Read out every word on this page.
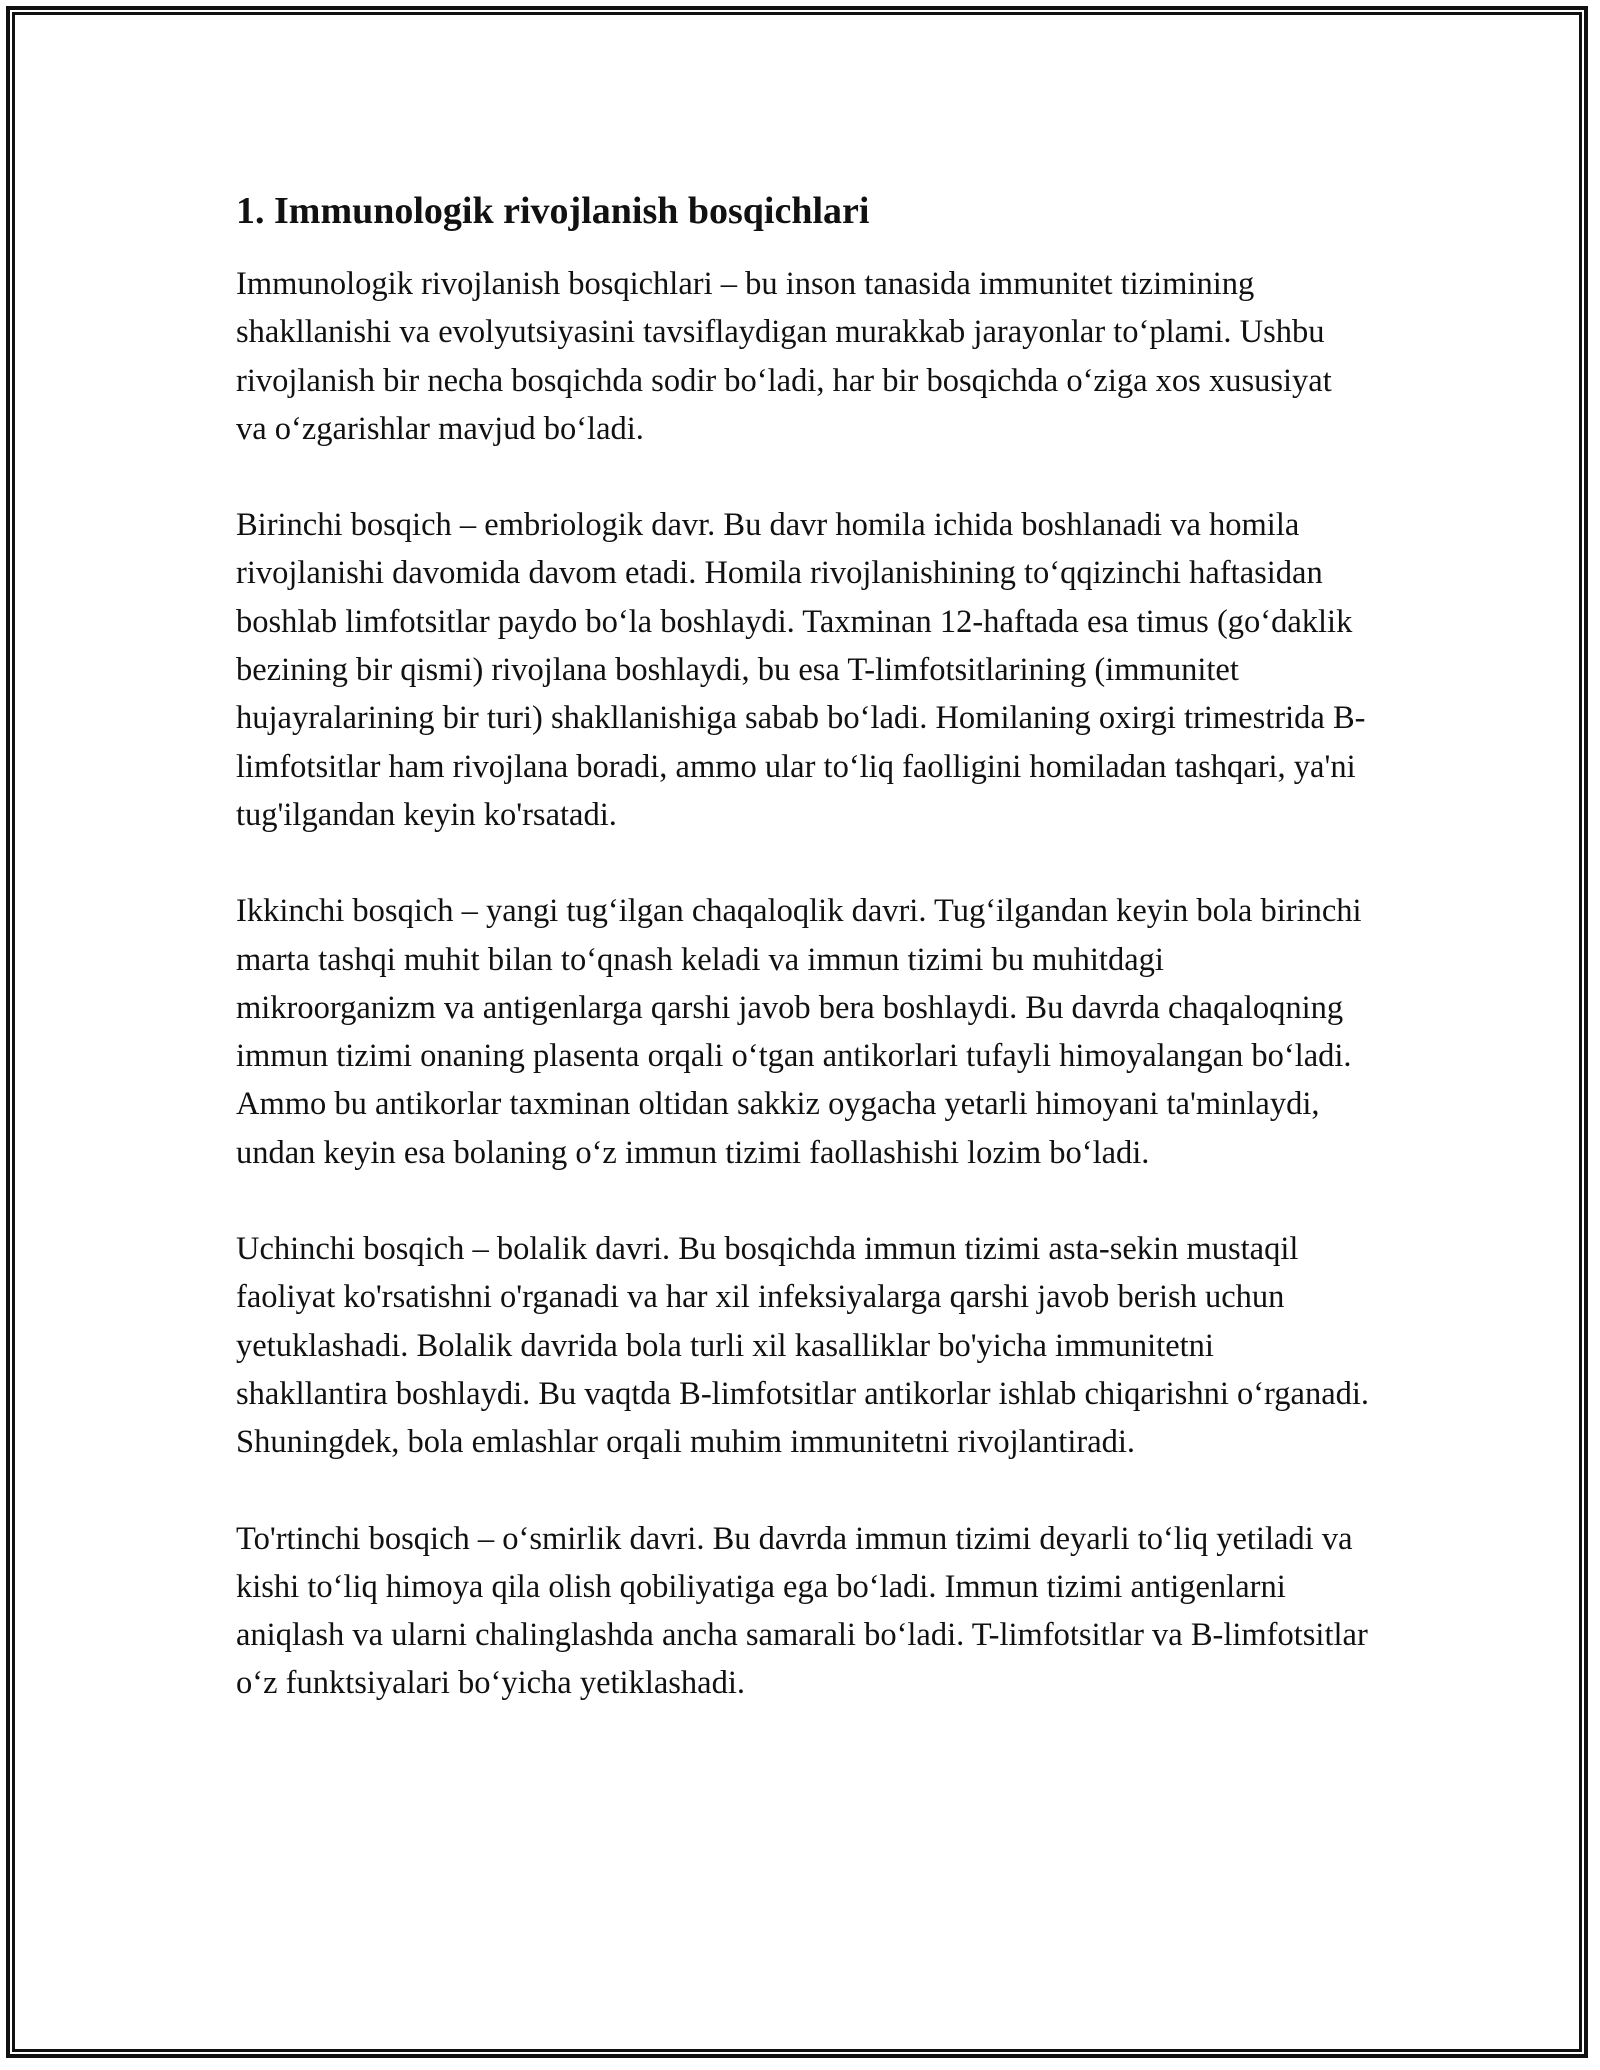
1. Immunologik rivojlanish bosqichlari

Immunologik rivojlanish bosqichlari – bu inson tanasida immunitet tizimining shakllanishi va evolyutsiyasini tavsiflaydigan murakkab jarayonlar to‘plami. Ushbu rivojlanish bir necha bosqichda sodir bo‘ladi, har bir bosqichda o‘ziga xos xususiyat va o‘zgarishlar mavjud bo‘ladi.

Birinchi bosqich – embriologik davr. Bu davr homila ichida boshlanadi va homila rivojlanishi davomida davom etadi. Homila rivojlanishining to‘qqizinchi haftasidan boshlab limfotsitlar paydo bo‘la boshlaydi. Taxminan 12-haftada esa timus (go‘daklik bezining bir qismi) rivojlana boshlaydi, bu esa T-limfotsitlarining (immunitet hujayralarining bir turi) shakllanishiga sabab bo‘ladi. Homilaning oxirgi trimestrida B-limfotsitlar ham rivojlana boradi, ammo ular to‘liq faolligini homiladan tashqari, ya'ni tug'ilgandan keyin ko'rsatadi.

Ikkinchi bosqich – yangi tug‘ilgan chaqaloqlik davri. Tug‘ilgandan keyin bola birinchi marta tashqi muhit bilan to‘qnash keladi va immun tizimi bu muhitdagi mikroorganizm va antigenlarga qarshi javob bera boshlaydi. Bu davrda chaqaloqning immun tizimi onaning plasenta orqali o‘tgan antikorlari tufayli himoyalangan bo‘ladi. Ammo bu antikorlar taxminan oltidan sakkiz oygacha yetarli himoyani ta'minlaydi, undan keyin esa bolaning o‘z immun tizimi faollashishi lozim bo‘ladi.

Uchinchi bosqich – bolalik davri. Bu bosqichda immun tizimi asta-sekin mustaqil faoliyat ko'rsatishni o'rganadi va har xil infeksiyalarga qarshi javob berish uchun yetuklashadi. Bolalik davrida bola turli xil kasalliklar bo'yicha immunitetni shakllantira boshlaydi. Bu vaqtda B-limfotsitlar antikorlar ishlab chiqarishni o‘rganadi. Shuningdek, bola emlashlar orqali muhim immunitetni rivojlantiradi.

To'rtinchi bosqich – o‘smirlik davri. Bu davrda immun tizimi deyarli to‘liq yetiladi va kishi to‘liq himoya qila olish qobiliyatiga ega bo‘ladi. Immun tizimi antigenlarni aniqlash va ularni chalinglashda ancha samarali bo‘ladi. T-limfotsitlar va B-limfotsitlar o‘z funktsiyalari bo‘yicha yetiklashadi.
